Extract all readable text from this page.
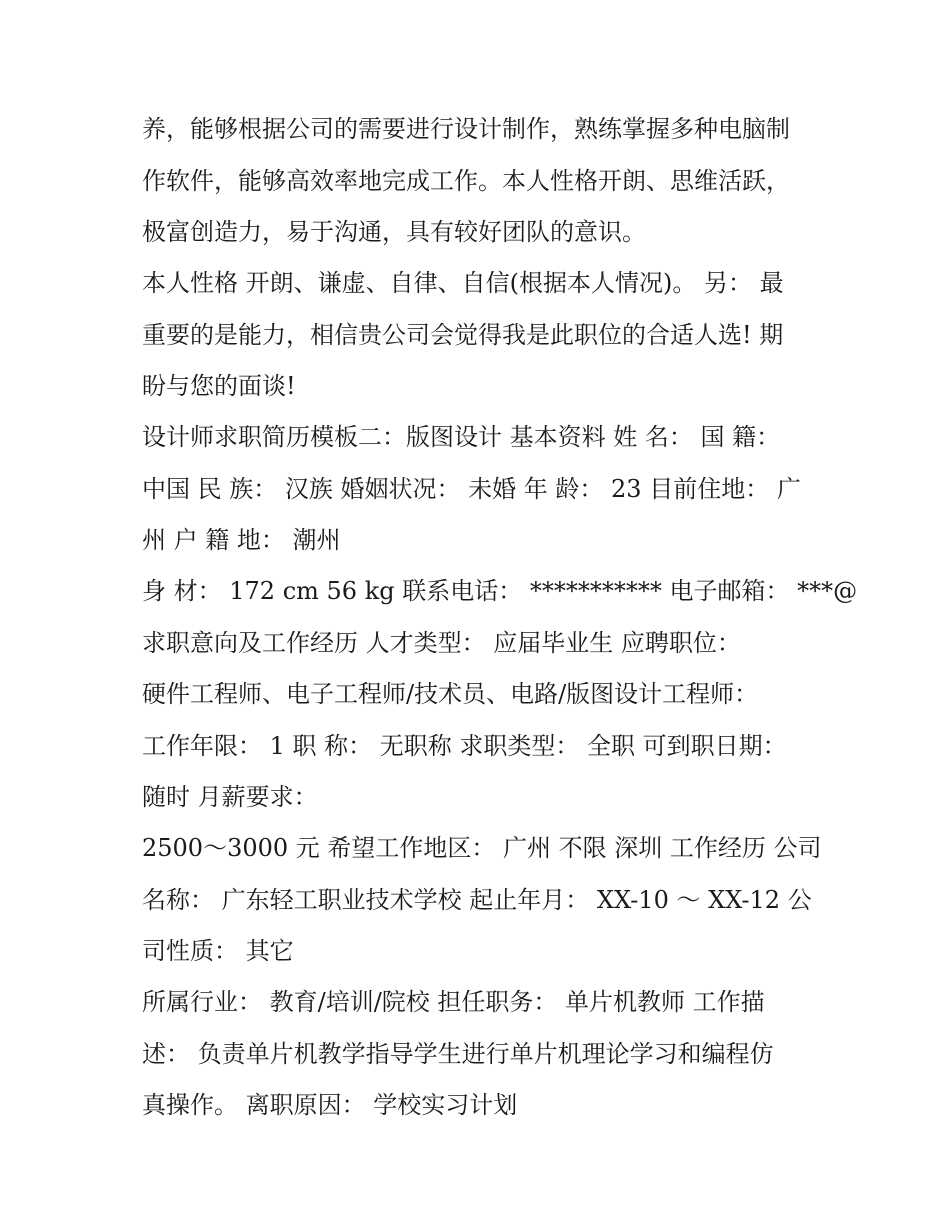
养，能够根据公司的需要进行设计制作，熟练掌握多种电脑制
作软件，能够高效率地完成工作。本人性格开朗、思维活跃，
极富创造力，易于沟通，具有较好团队的意识。

本人性格 开朗、谦虚、自律、自信(根据本人情况)。 另： 最
重要的是能力，相信贵公司会觉得我是此职位的合适人选! 期
盼与您的面谈!

设计师求职简历模板二：版图设计 基本资料 姓 名： 国 籍：
中国 民 族： 汉族 婚姻状况： 未婚 年 龄： 23 目前住地： 广
州 户 籍 地： 潮州

身 材： 172 cm 56 kg 联系电话： *********** 电子邮箱： ***@

求职意向及工作经历 人才类型： 应届毕业生 应聘职位：

硬件工程师、电子工程师/技术员、电路/版图设计工程师：
工作年限： 1 职 称： 无职称 求职类型： 全职 可到职日期：
随时 月薪要求：

2500～3000 元 希望工作地区： 广州 不限 深圳 工作经历 公司
名称： 广东轻工职业技术学校 起止年月： XX-10 ～ XX-12 公
司性质： 其它

所属行业： 教育/培训/院校 担任职务： 单片机教师 工作描
述： 负责单片机教学指导学生进行单片机理论学习和编程仿
真操作。 离职原因： 学校实习计划
